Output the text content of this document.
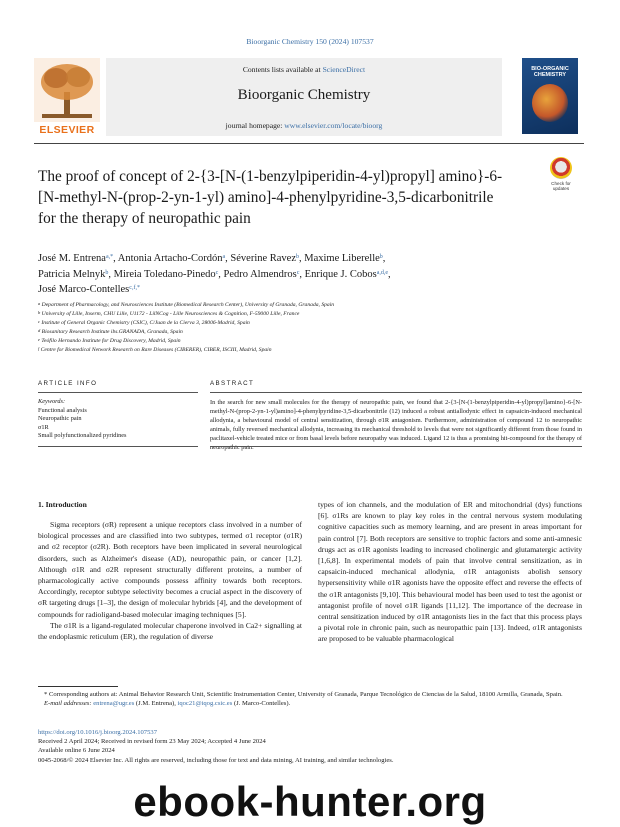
Bioorganic Chemistry 150 (2024) 107537
ELSEVIER
Contents lists available at ScienceDirect
Bioorganic Chemistry
journal homepage: www.elsevier.com/locate/bioorg
BIO-ORGANIC CHEMISTRY
The proof of concept of 2-{3-[N-(1-benzylpiperidin-4-yl)propyl] amino}-6-[N-methyl-N-(prop-2-yn-1-yl) amino]-4-phenylpyridine-3,5-dicarbonitrile for the therapy of neuropathic pain
Check for updates
José M. Entrena$^{a,*}$, Antonia Artacho-Cordón$^a$, Séverine Ravez$^b$, Maxime Liberelle$^b$,
Patricia Melnyk$^b$, Mireia Toledano-Pinedo$^c$, Pedro Almendros$^c$, Enrique J. Cobos$^{a,d,e}$,
José Marco-Contelles$^{c,f,*}$
$^a$ Department of Pharmacology, and Neurosciences Institute (Biomedical Research Center), University of Granada, Granada, Spain
$^b$ University of Lille, Inserm, CHU Lille, U1172 - LilNCog - Lille Neurosciences & Cognition, F-59000 Lille, France
$^c$ Institute of General Organic Chemistry (CSIC), C/Juan de la Cierva 3, 28006-Madrid, Spain
$^d$ Biosanitary Research Institute ibs.GRANADA, Granada, Spain
$^e$ Teófilo Hernando Institute for Drug Discovery, Madrid, Spain
$^f$ Centre for Biomedical Network Research on Rare Diseases (CIBERER), CIBER, ISCIII, Madrid, Spain
ARTICLE INFO	ABSTRACT
Keywords:
Functional analysis
Neuropathic pain
σ1R
Small polyfunctionalized pyridines
In the search for new small molecules for the therapy of neuropathic pain, we found that 2-{3-[N-(1-benzylpiperidin-4-yl)propyl]amino}-6-[N-methyl-N-(prop-2-yn-1-yl)amino]-4-phenylpyridine-3,5-dicarbonitrile (12) induced a robust antiallodynic effect in capsaicin-induced mechanical allodynia, a behavioural model of central sensitization, through σ1R antagonism. Furthermore, administration of compound 12 to neuropathic animals, fully reversed mechanical allodynia, increasing its mechanical threshold to levels that were not significantly different from those found in paclitaxel-vehicle treated mice or from basal levels before neuropathy was induced. Ligand 12 is thus a promising hit-compound for the therapy of neuropathic pain.
1. Introduction

Sigma receptors (σR) represent a unique receptors class involved in a number of biological processes and are classified into two subtypes, termed σ1 receptor (σ1R) and σ2 receptor (σ2R). Both receptors have been implicated in several neurological disorders, such as Alzheimer's disease (AD), neuropathic pain, or cancer [1,2]. Although σ1R and σ2R represent structurally different proteins, a number of pharmacologically active compounds possess affinity towards both receptors. Accordingly, receptor subtype selectivity becomes a crucial aspect in the discovery of σR targeting drugs [1–3], the design of molecular hybrids [4], and the development of compounds for radioligand-based molecular imaging techniques [5].

The σ1R is a ligand-regulated molecular chaperone involved in Ca2+ signalling at the endoplasmic reticulum (ER), the regulation of diverse

types of ion channels, and the modulation of ER and mitochondrial (dys) functions [6]. σ1Rs are known to play key roles in the central nervous system modulating cognitive capacities such as memory learning, and are present in areas important for pain control [7]. Both receptors are sensitive to trophic factors and some anti-amnesic drugs act as σ1R agonists leading to increased cholinergic and glutamatergic activity [1,6,8]. In experimental models of pain that involve central sensitization, as in capsaicin-induced mechanical allodynia, σ1R antagonists abolish sensory hypersensitivity while σ1R agonists have the opposite effect and reverse the effects of the σ1R antagonists [9,10]. This behavioural model has been used to test the agonist or antagonist profile of novel σ1R ligands [11,12]. The importance of the decrease in central sensitization induced by σ1R antagonists lies in the fact that this process plays a pivotal role in chronic pain, such as neuropathic pain [13]. Indeed, σ1R antagonists are proposed to be valuable pharmacological

* Corresponding authors at: Animal Behavior Research Unit, Scientific Instrumentation Center, University of Granada, Parque Tecnológico de Ciencias de la Salud, 18100 Armilla, Granada, Spain.
E-mail addresses: entrena@ugr.es (J.M. Entrena), iqoc21@iqog.csic.es (J. Marco-Contelles).
https://doi.org/10.1016/j.bioorg.2024.107537
Received 2 April 2024; Received in revised form 23 May 2024; Accepted 4 June 2024
Available online 6 June 2024
0045-2068/© 2024 Elsevier Inc. All rights are reserved, including those for text and data mining, AI training, and similar technologies.
ebook-hunter.org
